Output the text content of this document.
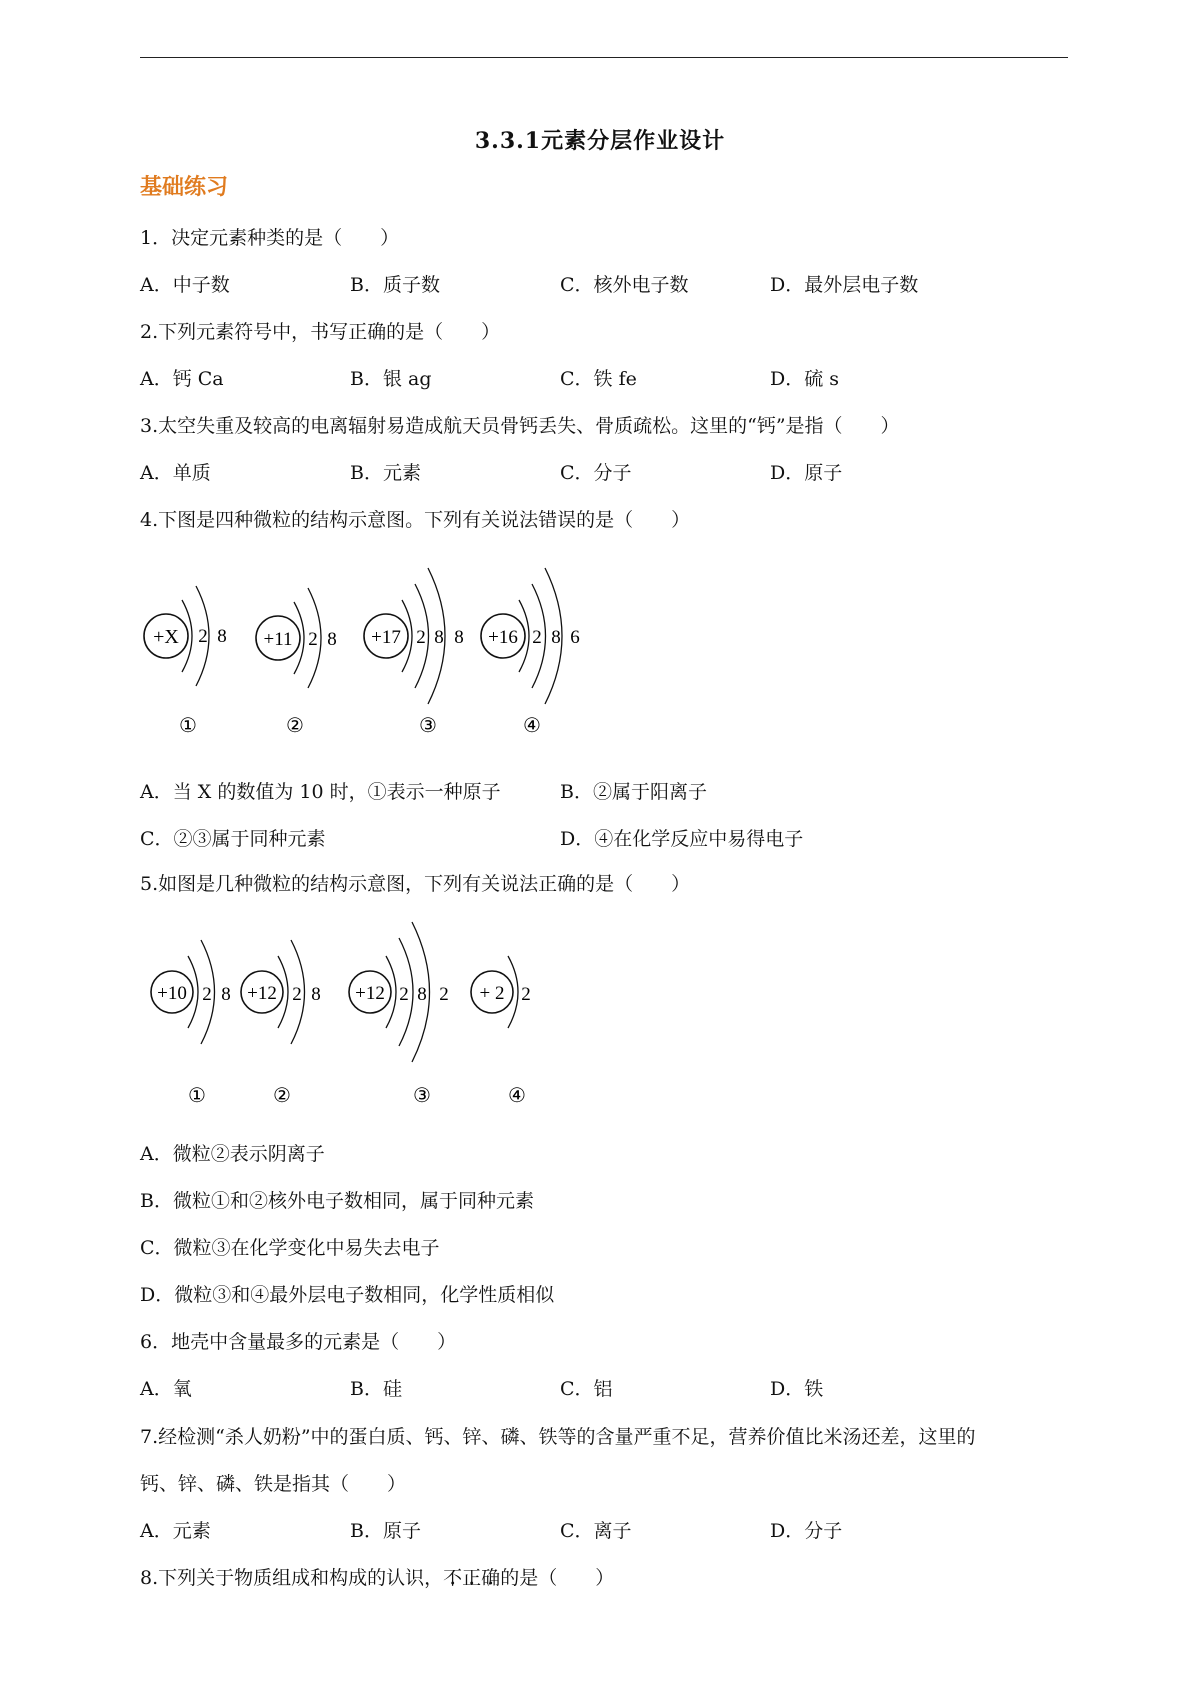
3.3.1元素分层作业设计
基础练习
1．决定元素种类的是（　　）
A．中子数	B．质子数	C．核外电子数	D．最外层电子数
2.下列元素符号中，书写正确的是（　　）
A．钙 Ca	B．银 ag	C．铁 fe	D．硫 s
3.太空失重及较高的电离辐射易造成航天员骨钙丢失、骨质疏松。这里的“钙”是指（　　）
A．单质	B．元素	C．分子	D．原子
4.下图是四种微粒的结构示意图。下列有关说法错误的是（　　）
+X 2 8
①
+11 2 8
②
+17 2 8 8
③
+16 2 8 6
④
A．当 X 的数值为 10 时，①表示一种原子	B．②属于阳离子
C．②③属于同种元素	D．④在化学反应中易得电子
5.如图是几种微粒的结构示意图，下列有关说法正确的是（　　）
+10 2 8
①
+12 2 8
②
+12 2 8 2
③
+ 2 2
④
A．微粒②表示阴离子
B．微粒①和②核外电子数相同，属于同种元素
C．微粒③在化学变化中易失去电子
D．微粒③和④最外层电子数相同，化学性质相似
6．地壳中含量最多的元素是（　　）
A．氧	B．硅	C．铝	D．铁
7.经检测“杀人奶粉”中的蛋白质、钙、锌、磷、铁等的含量严重不足，营养价值比米汤还差，这里的
钙、锌、磷、铁是指其（　　）
A．元素	B．原子	C．离子	D．分子
8.下列关于物质组成和构成的认识，不正确的是（　　）
